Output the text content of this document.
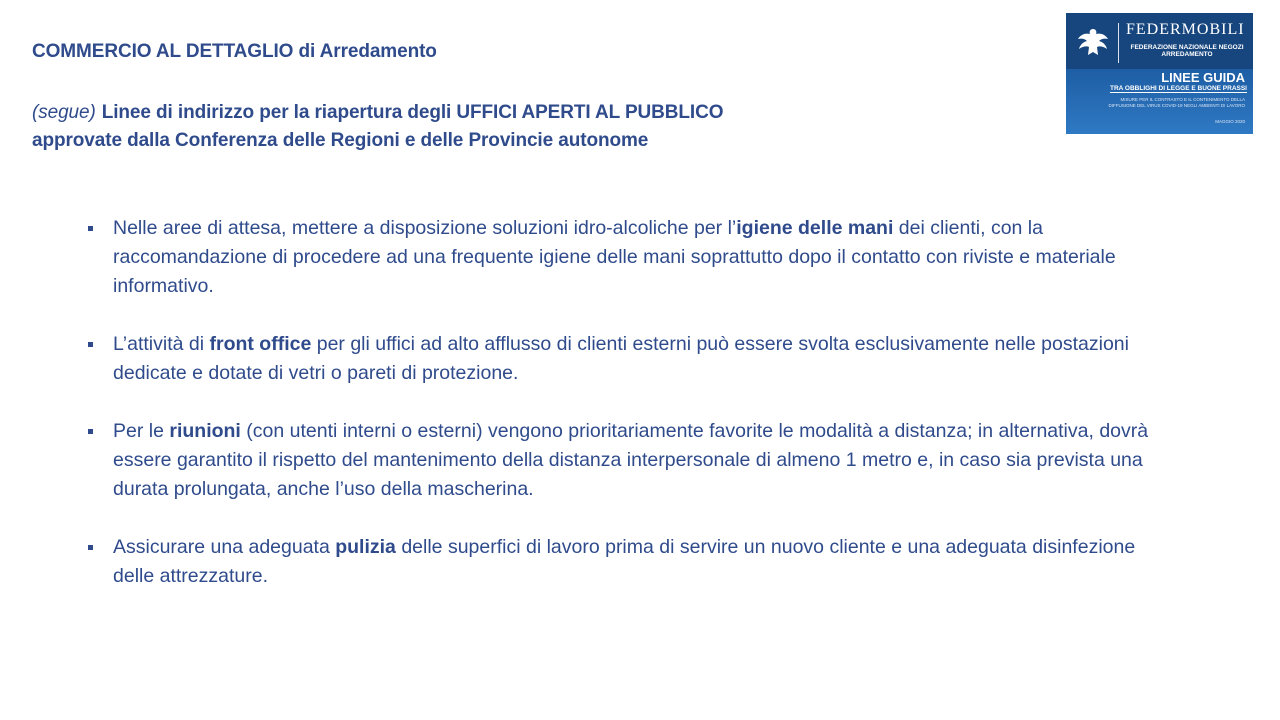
COMMERCIO AL DETTAGLIO di Arredamento
(segue) Linee di indirizzo per la riapertura degli UFFICI APERTI AL PUBBLICO
approvate dalla Conferenza delle Regioni e delle Provincie autonome
FEDERMOBILI
FEDERAZIONE NAZIONALE NEGOZI ARREDAMENTO
LINEE GUIDA
TRA OBBLIGHI DI LEGGE E BUONE PRASSI
MISURE PER IL CONTRASTO E IL CONTENIMENTO DELLA DIFFUSIONE DEL VIRUS COVID-19 NEGLI AMBIENTI DI LAVORO
MAGGIO 2020
Nelle aree di attesa, mettere a disposizione soluzioni idro-alcoliche per l’igiene delle mani dei clienti, con la raccomandazione di procedere ad una frequente igiene delle mani soprattutto dopo il contatto con riviste e materiale informativo.
L’attività di front office per gli uffici ad alto afflusso di clienti esterni può essere svolta esclusivamente nelle postazioni dedicate e dotate di vetri o pareti di protezione.
Per le riunioni (con utenti interni o esterni) vengono prioritariamente favorite le modalità a distanza; in alternativa, dovrà essere garantito il rispetto del mantenimento della distanza interpersonale di almeno 1 metro e, in caso sia prevista una durata prolungata, anche l’uso della mascherina.
Assicurare una adeguata pulizia delle superfici di lavoro prima di servire un nuovo cliente e una adeguata disinfezione delle attrezzature.
